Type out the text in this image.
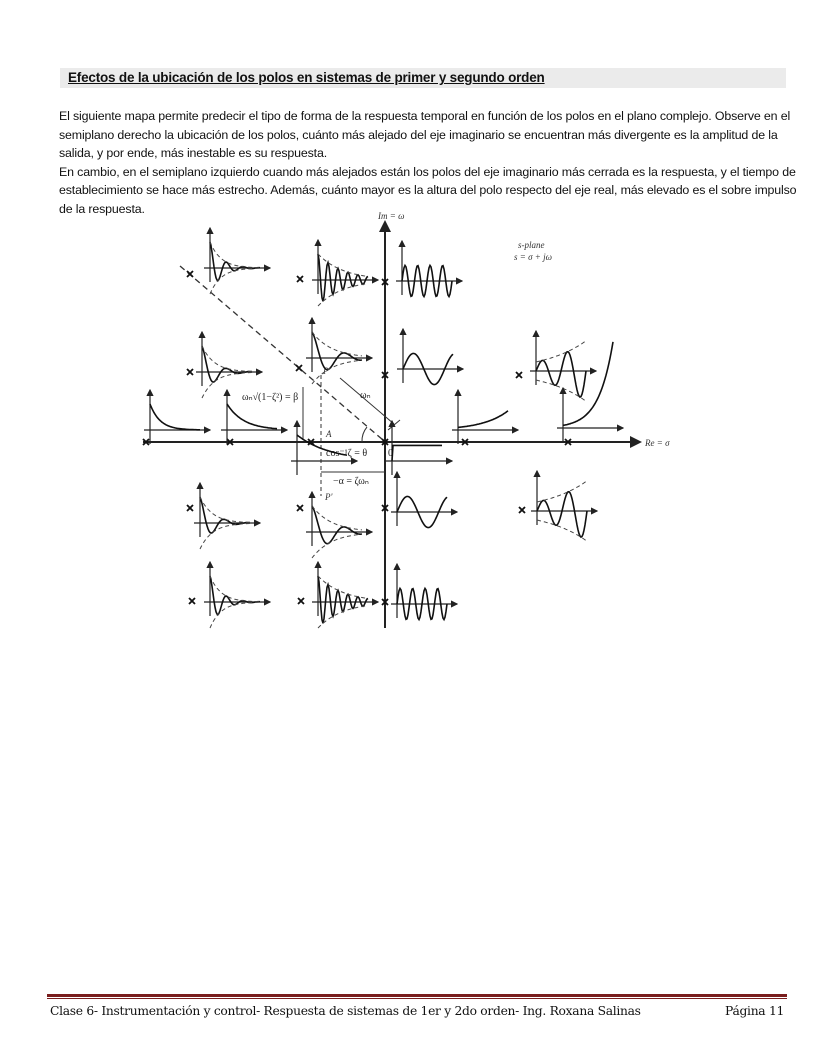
Efectos de la ubicación de los polos en sistemas de primer y segundo orden

El siguiente mapa permite predecir el tipo de forma de la respuesta temporal en función de los polos en el plano complejo. Observe en el semiplano derecho la ubicación de los polos, cuánto más alejado del eje imaginario se encuentran más divergente es la amplitud de la salida, y por ende, más inestable es su respuesta.

En cambio, en el semiplano izquierdo cuando más alejados están los polos del eje imaginario más cerrada es la respuesta, y el tiempo de establecimiento se hace más estrecho. Además, cuánto mayor es la altura del polo respecto del eje real, más elevado es el sobre impulso de la respuesta.

Im = ω
Re = σ
s-plane
s = σ + jω
ωₙ
ωₙ√(1−ζ²) = β
A
cos⁻¹ζ = θ 0
−α = ζωₙ
P
P'
Clase 6- Instrumentación y control- Respuesta de sistemas de 1er y 2do orden- Ing. Roxana Salinas	Página 11
